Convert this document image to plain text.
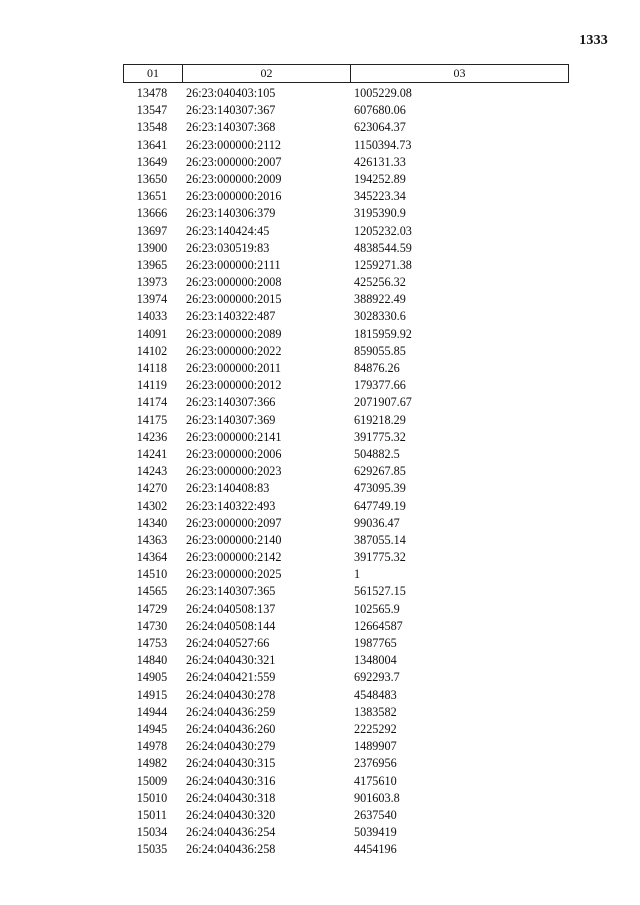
1333
01	02	03
13478	26:23:040403:105	1005229.08
13547	26:23:140307:367	607680.06
13548	26:23:140307:368	623064.37
13641	26:23:000000:2112	1150394.73
13649	26:23:000000:2007	426131.33
13650	26:23:000000:2009	194252.89
13651	26:23:000000:2016	345223.34
13666	26:23:140306:379	3195390.9
13697	26:23:140424:45	1205232.03
13900	26:23:030519:83	4838544.59
13965	26:23:000000:2111	1259271.38
13973	26:23:000000:2008	425256.32
13974	26:23:000000:2015	388922.49
14033	26:23:140322:487	3028330.6
14091	26:23:000000:2089	1815959.92
14102	26:23:000000:2022	859055.85
14118	26:23:000000:2011	84876.26
14119	26:23:000000:2012	179377.66
14174	26:23:140307:366	2071907.67
14175	26:23:140307:369	619218.29
14236	26:23:000000:2141	391775.32
14241	26:23:000000:2006	504882.5
14243	26:23:000000:2023	629267.85
14270	26:23:140408:83	473095.39
14302	26:23:140322:493	647749.19
14340	26:23:000000:2097	99036.47
14363	26:23:000000:2140	387055.14
14364	26:23:000000:2142	391775.32
14510	26:23:000000:2025	1
14565	26:23:140307:365	561527.15
14729	26:24:040508:137	102565.9
14730	26:24:040508:144	12664587
14753	26:24:040527:66	1987765
14840	26:24:040430:321	1348004
14905	26:24:040421:559	692293.7
14915	26:24:040430:278	4548483
14944	26:24:040436:259	1383582
14945	26:24:040436:260	2225292
14978	26:24:040430:279	1489907
14982	26:24:040430:315	2376956
15009	26:24:040430:316	4175610
15010	26:24:040430:318	901603.8
15011	26:24:040430:320	2637540
15034	26:24:040436:254	5039419
15035	26:24:040436:258	4454196
